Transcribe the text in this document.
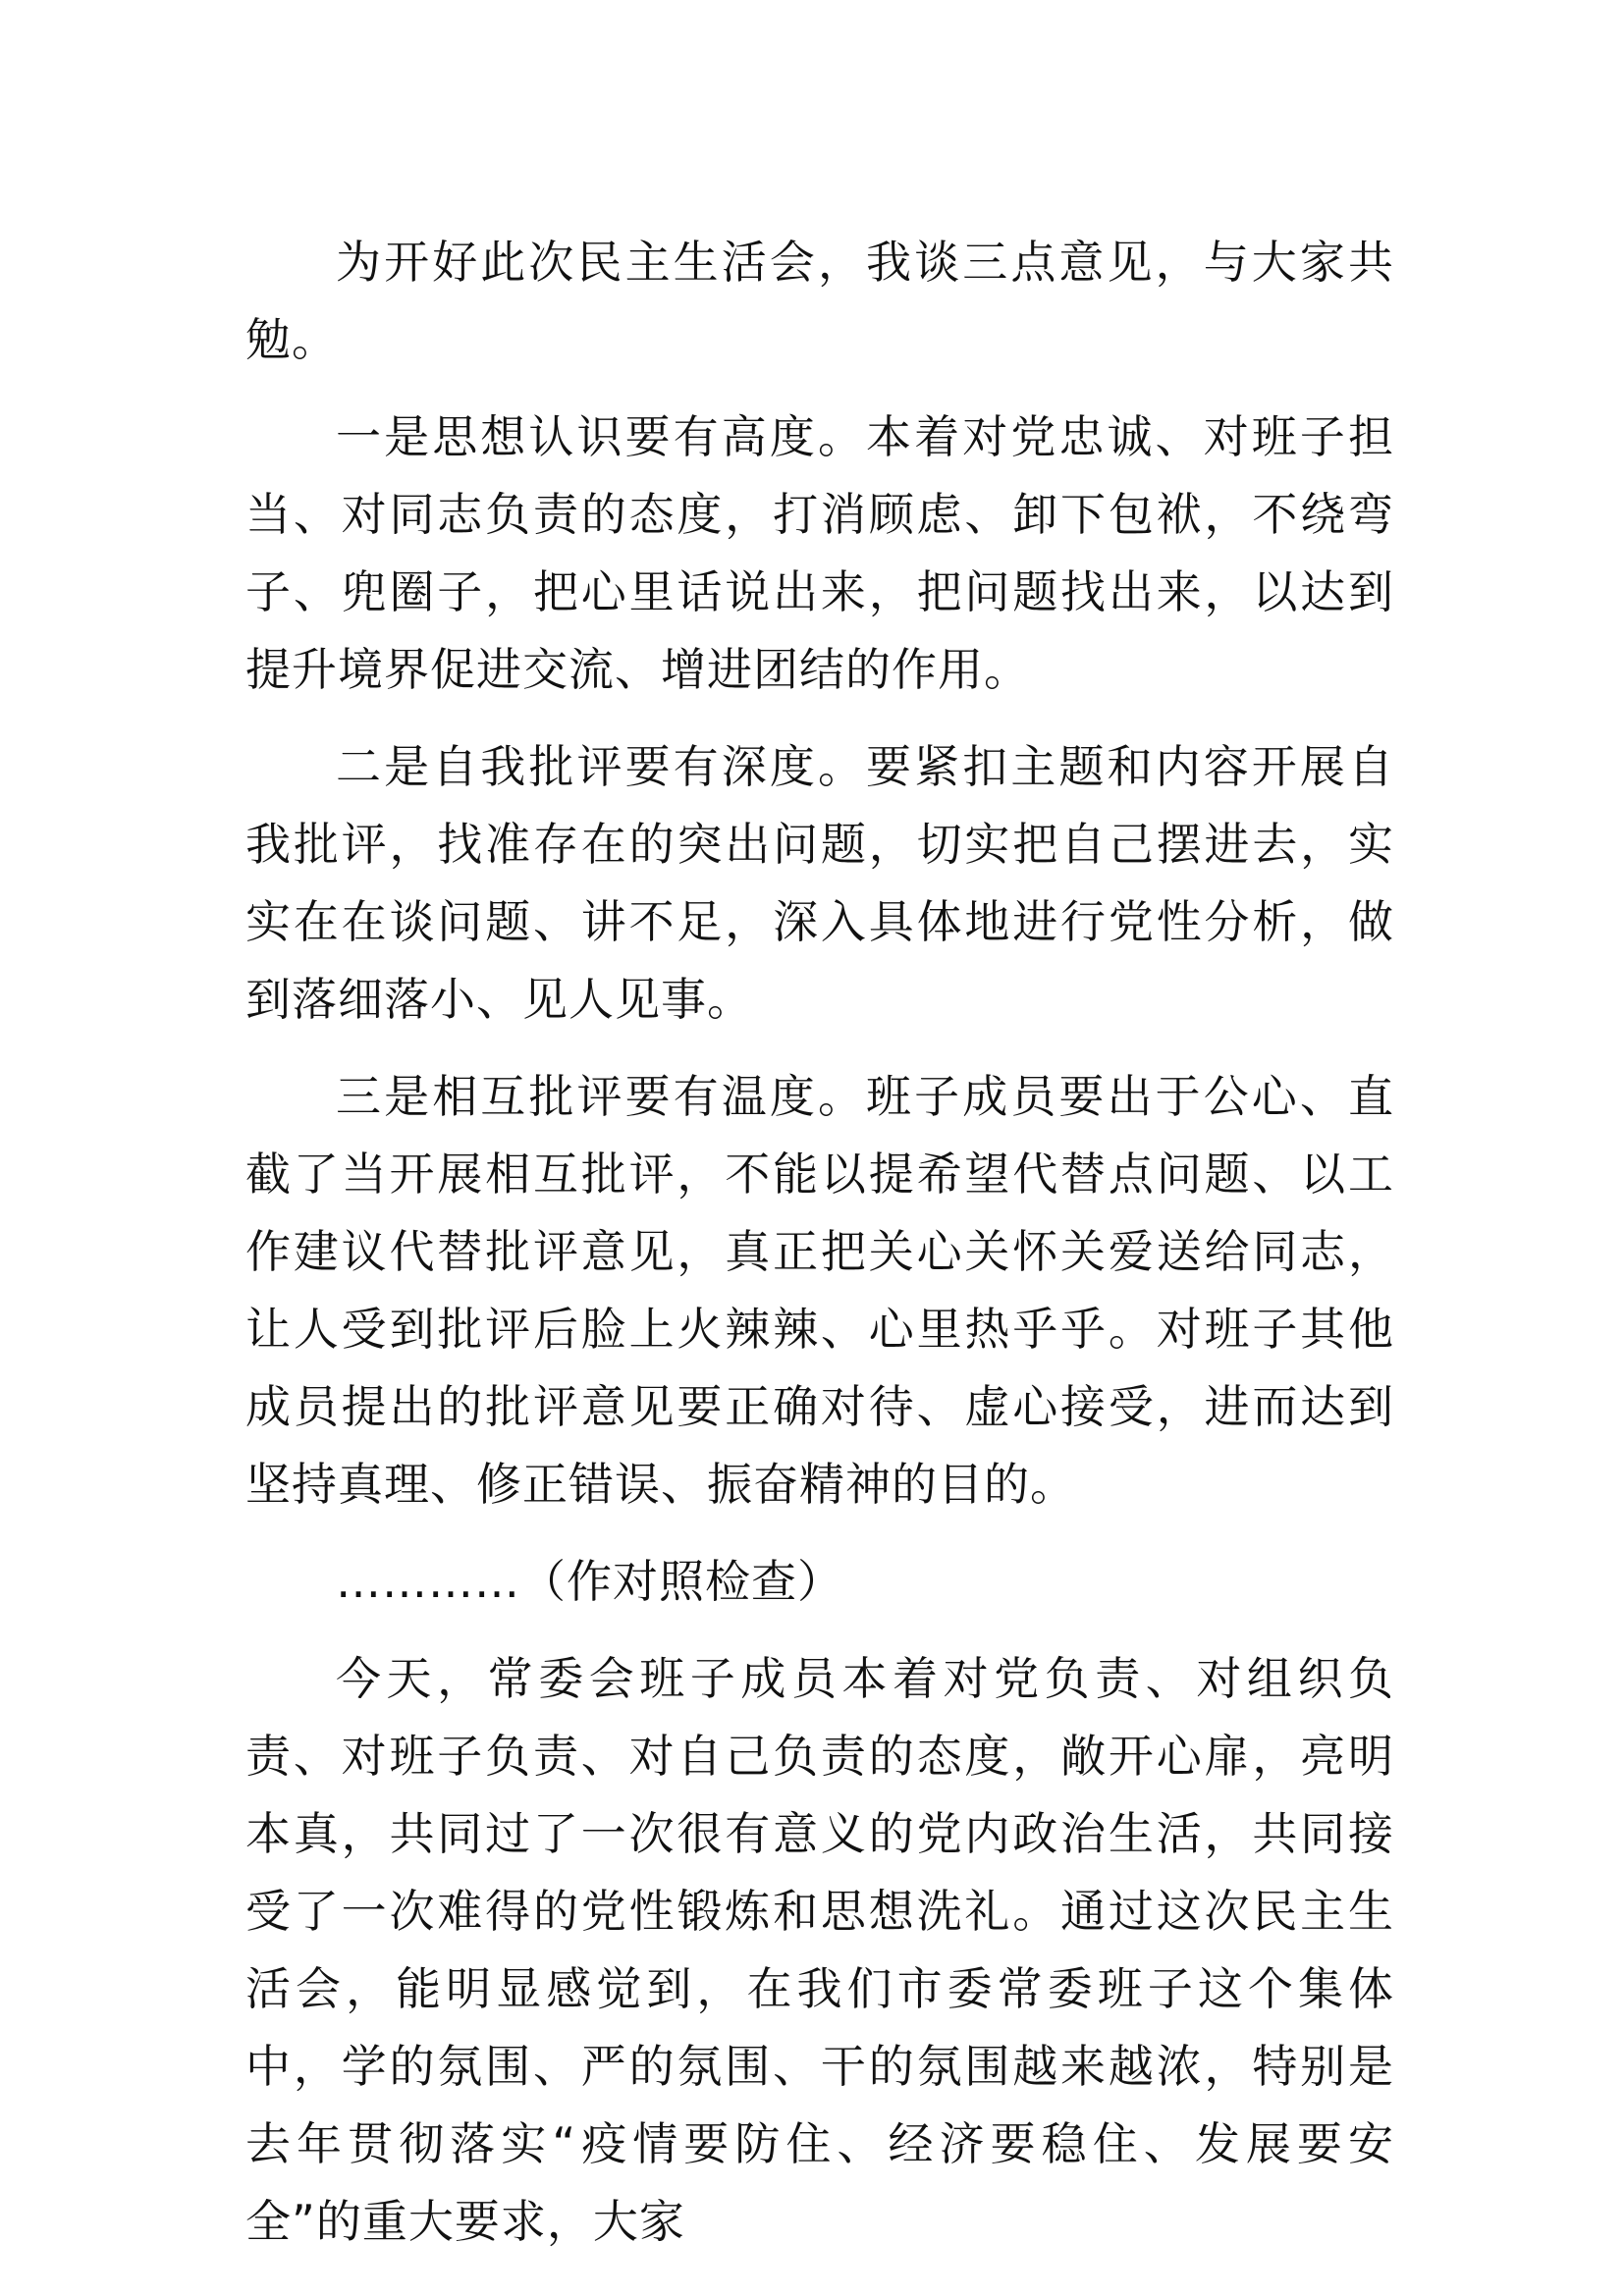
为开好此次民主生活会，我谈三点意见，与大家共勉。

一是思想认识要有高度。本着对党忠诚、对班子担当、对同志负责的态度，打消顾虑、卸下包袱，不绕弯子、兜圈子，把心里话说出来，把问题找出来，以达到提升境界促进交流、增进团结的作用。

二是自我批评要有深度。要紧扣主题和内容开展自我批评，找准存在的突出问题，切实把自己摆进去，实实在在谈问题、讲不足，深入具体地进行党性分析，做到落细落小、见人见事。

三是相互批评要有温度。班子成员要出于公心、直截了当开展相互批评，不能以提希望代替点问题、以工作建议代替批评意见，真正把关心关怀关爱送给同志，让人受到批评后脸上火辣辣、心里热乎乎。对班子其他成员提出的批评意见要正确对待、虚心接受，进而达到坚持真理、修正错误、振奋精神的目的。

…………（作对照检查）

今天，常委会班子成员本着对党负责、对组织负责、对班子负责、对自己负责的态度，敞开心扉，亮明本真，共同过了一次很有意义的党内政治生活，共同接受了一次难得的党性锻炼和思想洗礼。通过这次民主生活会，能明显感觉到，在我们市委常委班子这个集体中，学的氛围、严的氛围、干的氛围越来越浓，特别是去年贯彻落实“疫情要防住、经济要稳住、发展要安全”的重大要求，大家
